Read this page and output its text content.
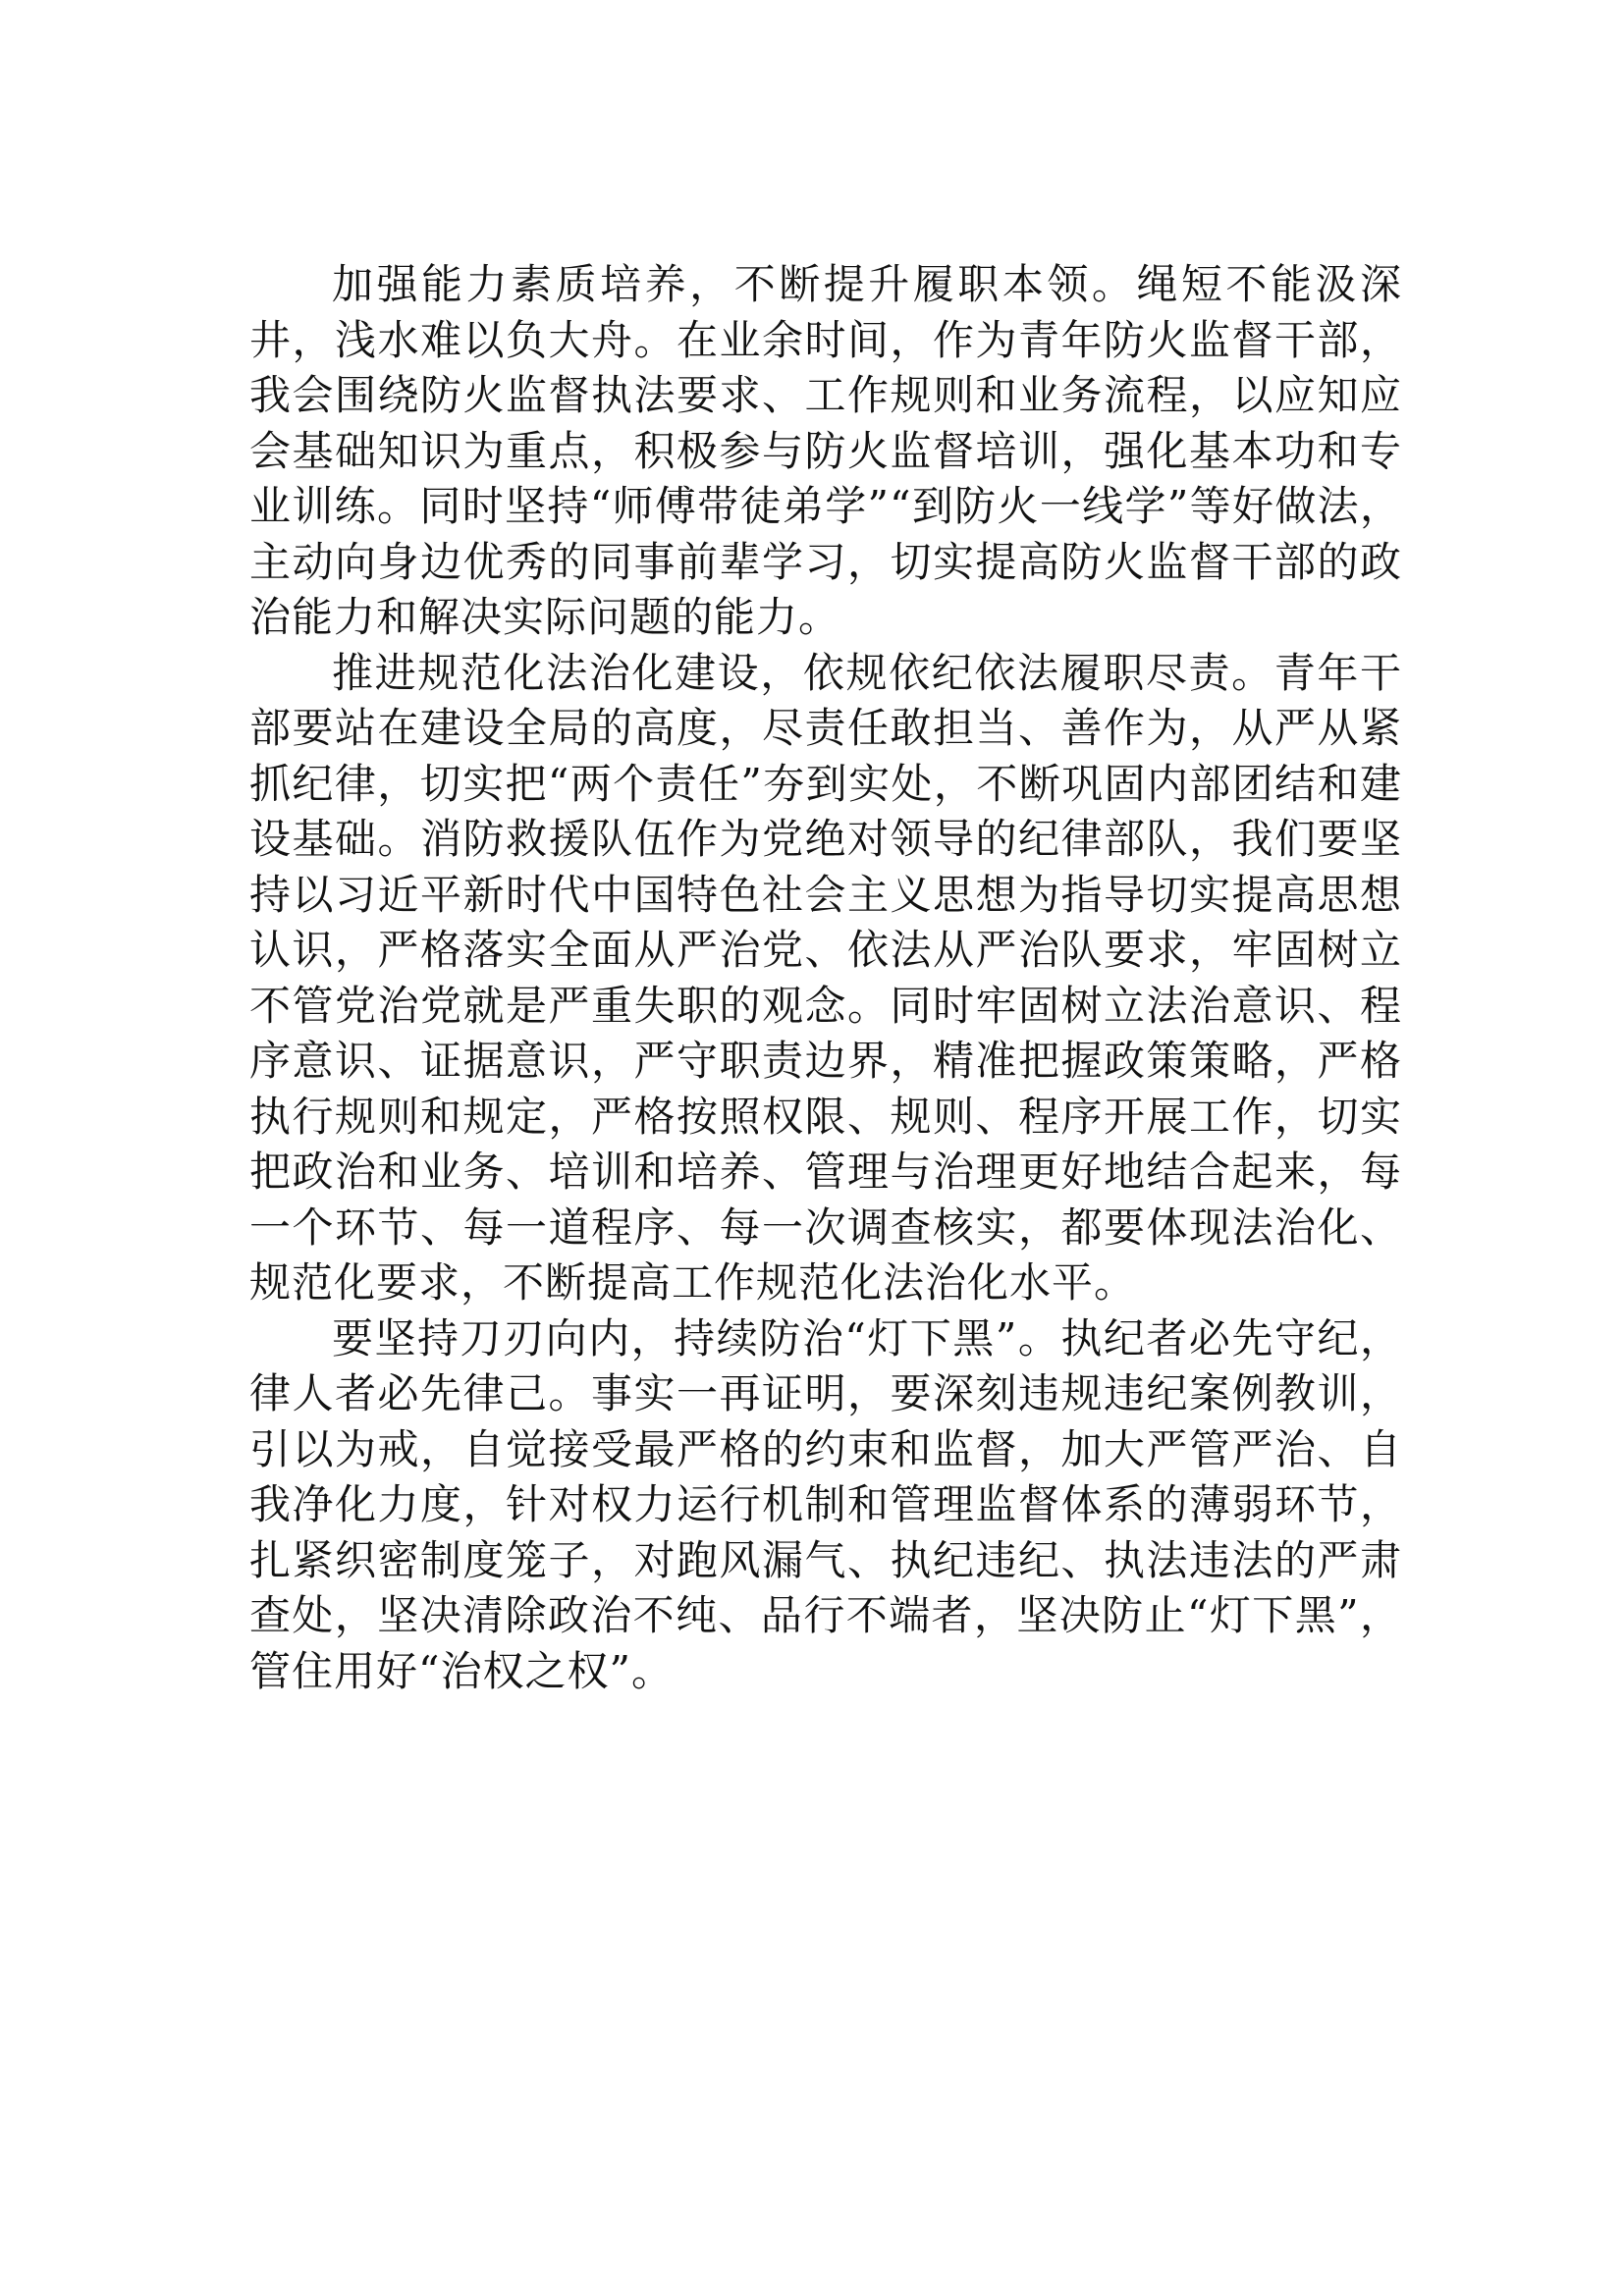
加强能力素质培养，不断提升履职本领。绳短不能汲深井，浅水难以负大舟。在业余时间，作为青年防火监督干部，我会围绕防火监督执法要求、工作规则和业务流程，以应知应会基础知识为重点，积极参与防火监督培训，强化基本功和专业训练。同时坚持“师傅带徒弟学”“到防火一线学”等好做法，主动向身边优秀的同事前辈学习，切实提高防火监督干部的政治能力和解决实际问题的能力。

推进规范化法治化建设，依规依纪依法履职尽责。青年干部要站在建设全局的高度，尽责任敢担当、善作为，从严从紧抓纪律，切实把“两个责任”夯到实处，不断巩固内部团结和建设基础。消防救援队伍作为党绝对领导的纪律部队，我们要坚持以习近平新时代中国特色社会主义思想为指导切实提高思想认识，严格落实全面从严治党、依法从严治队要求，牢固树立不管党治党就是严重失职的观念。同时牢固树立法治意识、程序意识、证据意识，严守职责边界，精准把握政策策略，严格执行规则和规定，严格按照权限、规则、程序开展工作，切实把政治和业务、培训和培养、管理与治理更好地结合起来，每一个环节、每一道程序、每一次调查核实，都要体现法治化、规范化要求，不断提高工作规范化法治化水平。

要坚持刀刃向内，持续防治“灯下黑”。执纪者必先守纪，律人者必先律己。事实一再证明，要深刻违规违纪案例教训，引以为戒，自觉接受最严格的约束和监督，加大严管严治、自我净化力度，针对权力运行机制和管理监督体系的薄弱环节，扎紧织密制度笼子，对跑风漏气、执纪违纪、执法违法的严肃查处，坚决清除政治不纯、品行不端者，坚决防止“灯下黑”，管住用好“治权之权”。
